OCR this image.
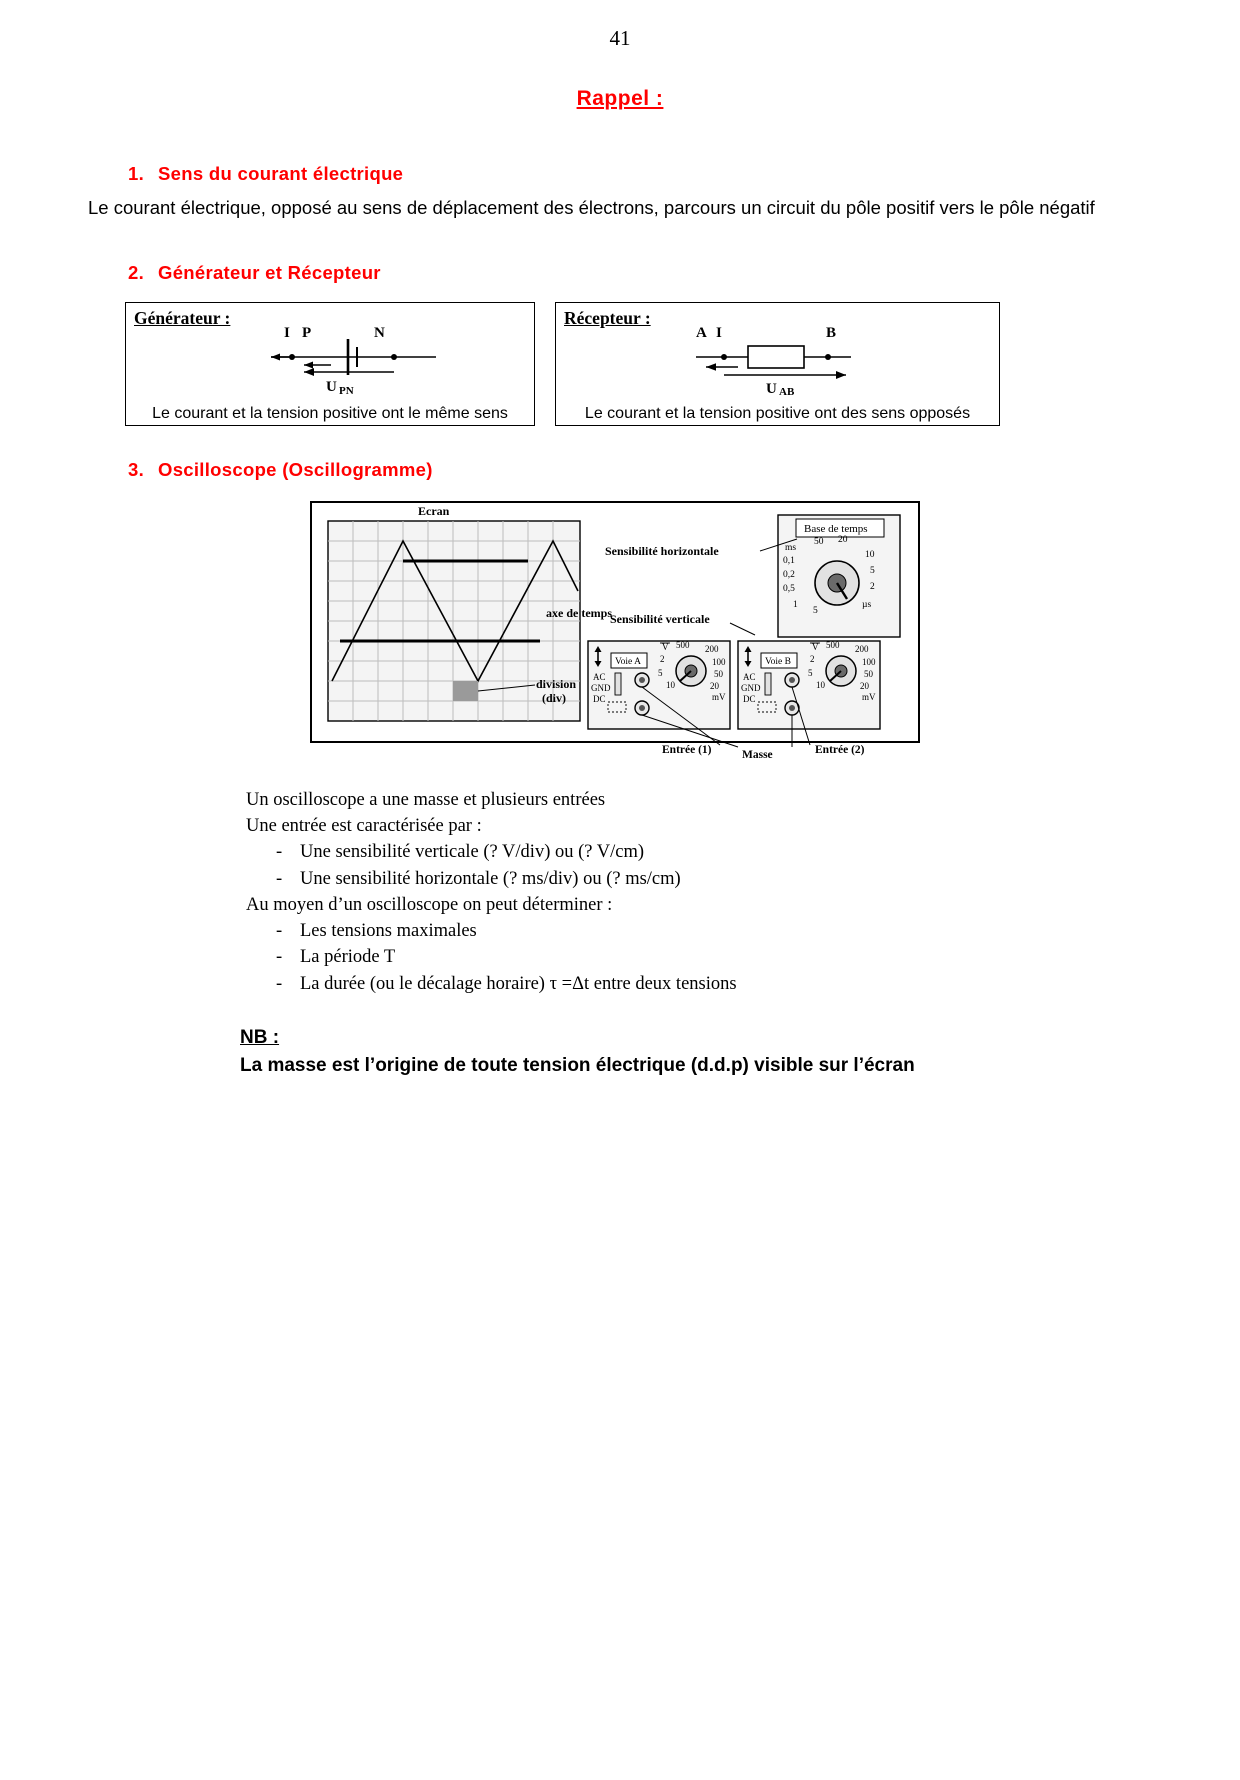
41
Rappel :
1. Sens du courant électrique
Le courant électrique, opposé au sens de déplacement des électrons, parcours un circuit du pôle positif vers le pôle négatif
2. Générateur et Récepteur
Générateur :
I P	N
U PN
Le courant et la tension positive ont le même sens
Récepteur :
A I	B
U AB
Le courant et la tension positive ont des sens opposés
3. Oscilloscope (Oscillogramme)
Ecran
axe de temps
division
(div)
Base de temps
ms
50 20
0,1
10
0,2	5
0,5	2
1
5
µs
Sensibilité horizontale
Sensibilité verticale
Voie A
V 500 200
100
50
20
mV
2
5
10
AC
GND
DC
Voie B
V 500 200
100
50
20
mV
2
5
10
AC
GND
DC
Entrée (1)	Masse	Entrée (2)
Un oscilloscope a une masse et plusieurs entrées
Une entrée est caractérisée par :
- Une sensibilité verticale (? V/div) ou (? V/cm)
- Une sensibilité horizontale (? ms/div) ou (? ms/cm)
Au moyen d’un oscilloscope on peut déterminer :
- Les tensions maximales
- La période T
- La durée (ou le décalage horaire) τ =Δt entre deux tensions
NB :
La masse est l’origine de toute tension électrique (d.d.p) visible sur l’écran
